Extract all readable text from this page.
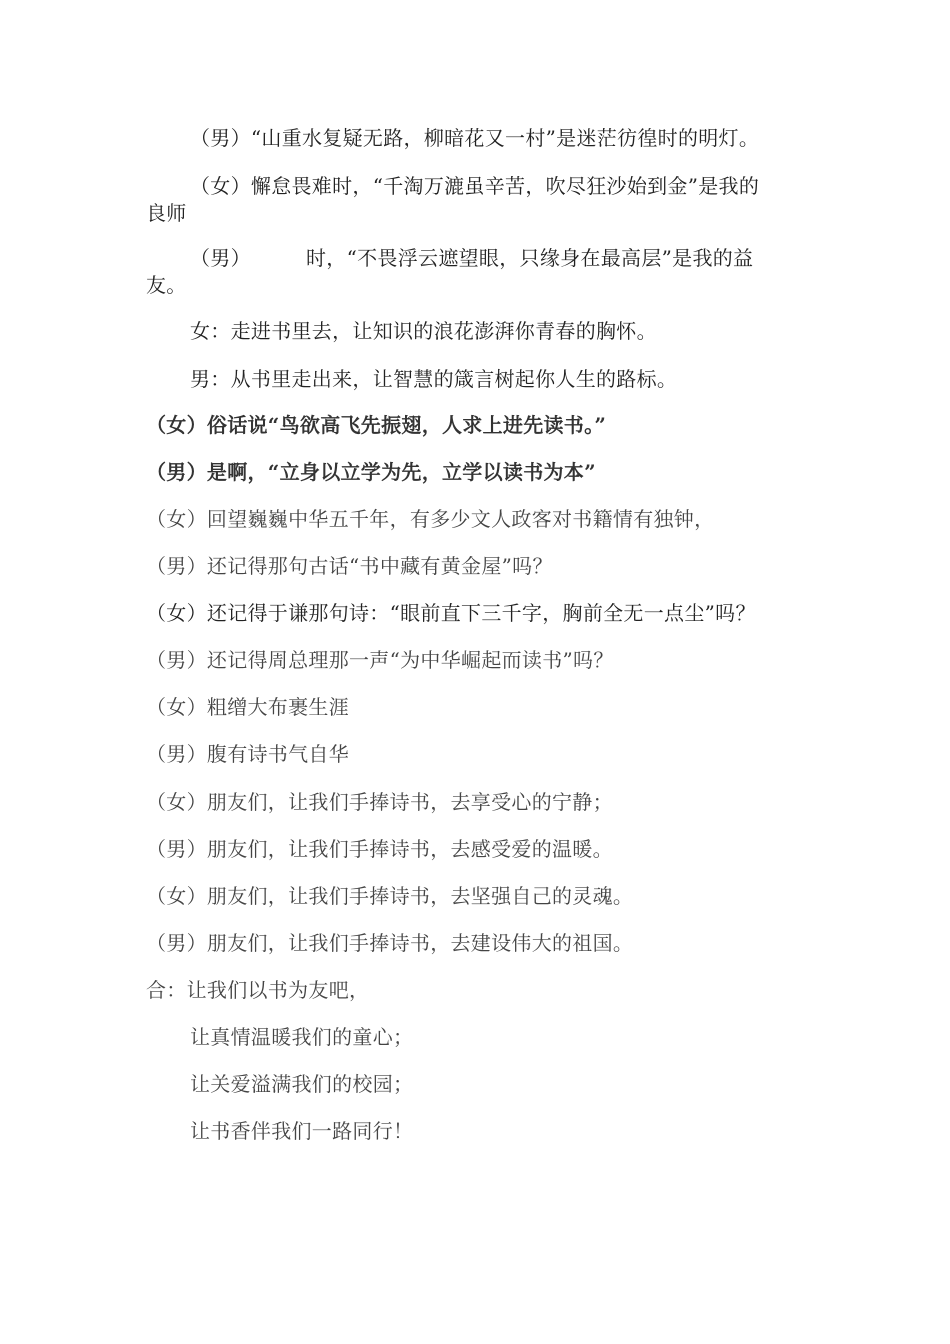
（男）“山重水复疑无路，柳暗花又一村”是迷茫彷徨时的明灯。
（女）懈怠畏难时，“千淘万漉虽辛苦，吹尽狂沙始到金”是我的
良师
（男）	时，“不畏浮云遮望眼，只缘身在最高层”是我的益
友。
女：走进书里去，让知识的浪花澎湃你青春的胸怀。
男：从书里走出来，让智慧的箴言树起你人生的路标。
（女）俗话说“鸟欲高飞先振翅，人求上进先读书。”
（男）是啊，“立身以立学为先，立学以读书为本”
（女）回望巍巍中华五千年，有多少文人政客对书籍情有独钟，
（男）还记得那句古话“书中藏有黄金屋”吗？
（女）还记得于谦那句诗：“眼前直下三千字，胸前全无一点尘”吗？
（男）还记得周总理那一声“为中华崛起而读书”吗？
（女）粗缯大布裹生涯
（男）腹有诗书气自华
（女）朋友们，让我们手捧诗书，去享受心的宁静；
（男）朋友们，让我们手捧诗书，去感受爱的温暖。
（女）朋友们，让我们手捧诗书，去坚强自己的灵魂。
（男）朋友们，让我们手捧诗书，去建设伟大的祖国。
合：让我们以书为友吧，
让真情温暖我们的童心；
让关爱溢满我们的校园；
让书香伴我们一路同行！
